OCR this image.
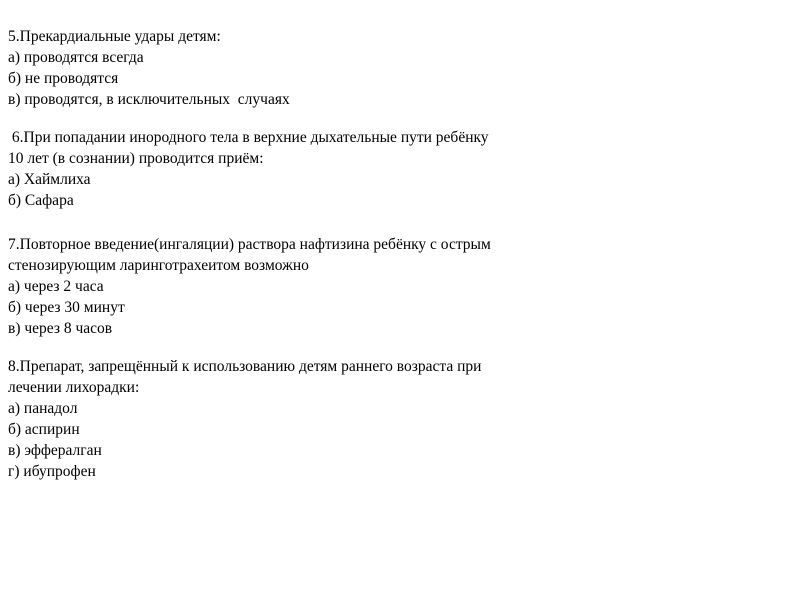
5.Прекардиальные удары детям:
а) проводятся всегда
б) не проводятся
в) проводятся, в исключительных  случаях
6.При попадании инородного тела в верхние дыхательные пути ребёнку
10 лет (в сознании) проводится приём:
а) Хаймлиха
б) Сафара
7.Повторное введение(ингаляции) раствора нафтизина ребёнку с острым
стенозирующим ларинготрахеитом возможно
а) через 2 часа
б) через 30 минут
в) через 8 часов
8.Препарат, запрещённый к использованию детям раннего возраста при
лечении лихорадки:
а) панадол
б) аспирин
в) эффералган
г) ибупрофен
